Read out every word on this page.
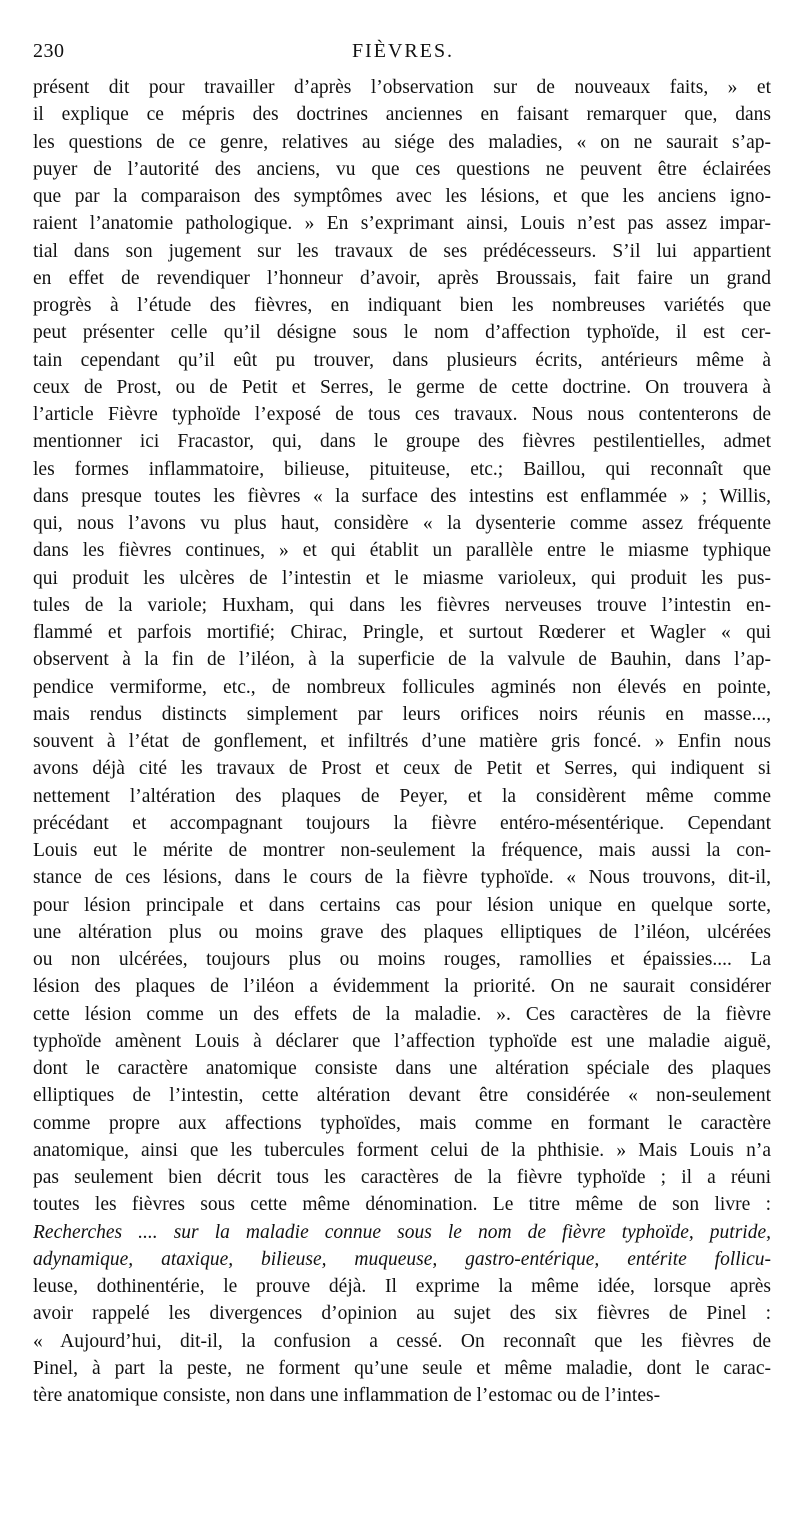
230	FIÈVRES.
présent dit pour travailler d’après l’observation sur de nouveaux faits, » et
il explique ce mépris des doctrines anciennes en faisant remarquer que, dans
les questions de ce genre, relatives au siége des maladies, « on ne saurait s’ap-
puyer de l’autorité des anciens, vu que ces questions ne peuvent être éclairées
que par la comparaison des symptômes avec les lésions, et que les anciens igno-
raient l’anatomie pathologique. » En s’exprimant ainsi, Louis n’est pas assez impar-
tial dans son jugement sur les travaux de ses prédécesseurs. S’il lui appartient
en effet de revendiquer l’honneur d’avoir, après Broussais, fait faire un grand
progrès à l’étude des fièvres, en indiquant bien les nombreuses variétés que
peut présenter celle qu’il désigne sous le nom d’affection typhoïde, il est cer-
tain cependant qu’il eût pu trouver, dans plusieurs écrits, antérieurs même à
ceux de Prost, ou de Petit et Serres, le germe de cette doctrine. On trouvera à
l’article Fièvre typhoïde l’exposé de tous ces travaux. Nous nous contenterons de
mentionner ici Fracastor, qui, dans le groupe des fièvres pestilentielles, admet
les formes inflammatoire, bilieuse, pituiteuse, etc.; Baillou, qui reconnaît que
dans presque toutes les fièvres « la surface des intestins est enflammée » ; Willis,
qui, nous l’avons vu plus haut, considère « la dysenterie comme assez fréquente
dans les fièvres continues, » et qui établit un parallèle entre le miasme typhique
qui produit les ulcères de l’intestin et le miasme varioleux, qui produit les pus-
tules de la variole; Huxham, qui dans les fièvres nerveuses trouve l’intestin en-
flammé et parfois mortifié; Chirac, Pringle, et surtout Rœderer et Wagler « qui
observent à la fin de l’iléon, à la superficie de la valvule de Bauhin, dans l’ap-
pendice vermiforme, etc., de nombreux follicules agminés non élevés en pointe,
mais rendus distincts simplement par leurs orifices noirs réunis en masse...,
souvent à l’état de gonflement, et infiltrés d’une matière gris foncé. » Enfin nous
avons déjà cité les travaux de Prost et ceux de Petit et Serres, qui indiquent si
nettement l’altération des plaques de Peyer, et la considèrent même comme
précédant et accompagnant toujours la fièvre entéro-mésentérique. Cependant
Louis eut le mérite de montrer non-seulement la fréquence, mais aussi la con-
stance de ces lésions, dans le cours de la fièvre typhoïde. « Nous trouvons, dit-il,
pour lésion principale et dans certains cas pour lésion unique en quelque sorte,
une altération plus ou moins grave des plaques elliptiques de l’iléon, ulcérées
ou non ulcérées, toujours plus ou moins rouges, ramollies et épaissies.... La
lésion des plaques de l’iléon a évidemment la priorité. On ne saurait considérer
cette lésion comme un des effets de la maladie. ». Ces caractères de la fièvre
typhoïde amènent Louis à déclarer que l’affection typhoïde est une maladie aiguë,
dont le caractère anatomique consiste dans une altération spéciale des plaques
elliptiques de l’intestin, cette altération devant être considérée « non-seulement
comme propre aux affections typhoïdes, mais comme en formant le caractère
anatomique, ainsi que les tubercules forment celui de la phthisie. » Mais Louis n’a
pas seulement bien décrit tous les caractères de la fièvre typhoïde ; il a réuni
toutes les fièvres sous cette même dénomination. Le titre même de son livre :
Recherches .... sur la maladie connue sous le nom de fièvre typhoïde, putride,
adynamique, ataxique, bilieuse, muqueuse, gastro-entérique, entérite follicu-
leuse, dothinentérie, le prouve déjà. Il exprime la même idée, lorsque après
avoir rappelé les divergences d’opinion au sujet des six fièvres de Pinel :
« Aujourd’hui, dit-il, la confusion a cessé. On reconnaît que les fièvres de
Pinel, à part la peste, ne forment qu’une seule et même maladie, dont le carac-
tère anatomique consiste, non dans une inflammation de l’estomac ou de l’intes-
